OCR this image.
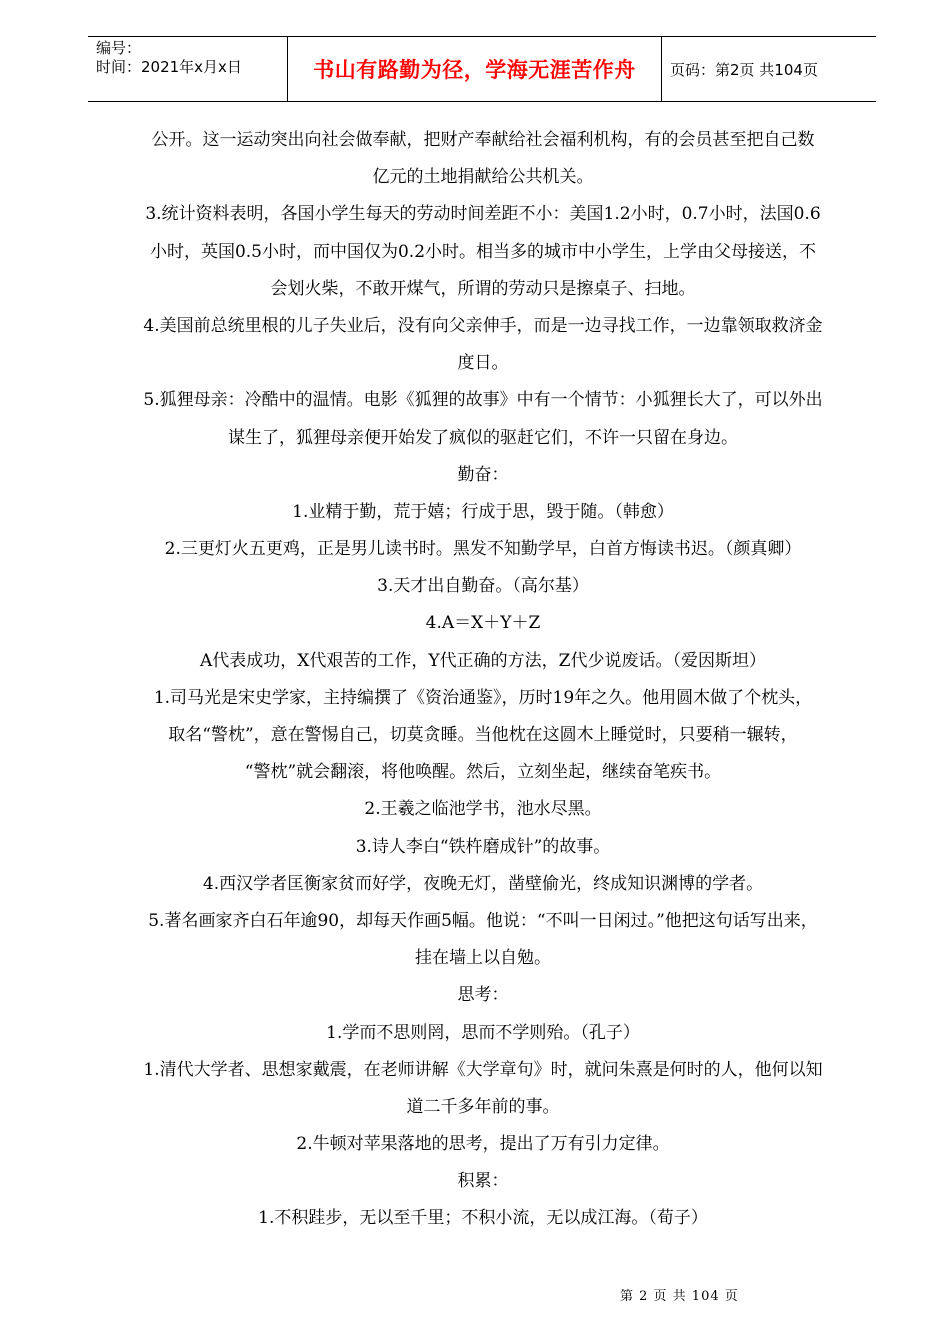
编号：
时间：2021年x月x日	书山有路勤为径，学海无涯苦作舟	页码：第2页 共104页
公开。这一运动突出向社会做奉献，把财产奉献给社会福利机构，有的会员甚至把自己数
亿元的土地捐献给公共机关。
3.统计资料表明，各国小学生每天的劳动时间差距不小：美国1.2小时，0.7小时，法国0.6
小时，英国0.5小时，而中国仅为0.2小时。相当多的城市中小学生，上学由父母接送，不
会划火柴，不敢开煤气，所谓的劳动只是擦桌子、扫地。
4.美国前总统里根的儿子失业后，没有向父亲伸手，而是一边寻找工作，一边靠领取救济金
度日。
5.狐狸母亲：冷酷中的温情。电影《狐狸的故事》中有一个情节：小狐狸长大了，可以外出
谋生了，狐狸母亲便开始发了疯似的驱赶它们，不许一只留在身边。
勤奋：
1.业精于勤，荒于嬉；行成于思，毁于随。（韩愈）
2.三更灯火五更鸡，正是男儿读书时。黑发不知勤学早，白首方悔读书迟。（颜真卿）
3.天才出自勤奋。（高尔基）
4.A＝X＋Y＋Z
A代表成功，X代艰苦的工作，Y代正确的方法，Z代少说废话。（爱因斯坦）
1.司马光是宋史学家，主持编撰了《资治通鉴》，历时19年之久。他用圆木做了个枕头，
取名“警枕”，意在警惕自己，切莫贪睡。当他枕在这圆木上睡觉时，只要稍一辗转，
“警枕”就会翻滚，将他唤醒。然后，立刻坐起，继续奋笔疾书。
2.王羲之临池学书，池水尽黑。
3.诗人李白“铁杵磨成针”的故事。
4.西汉学者匡衡家贫而好学，夜晚无灯，凿壁偷光，终成知识渊博的学者。
5.著名画家齐白石年逾90，却每天作画5幅。他说：“不叫一日闲过。”他把这句话写出来，
挂在墙上以自勉。
思考：
1.学而不思则罔，思而不学则殆。（孔子）
1.清代大学者、思想家戴震，在老师讲解《大学章句》时，就问朱熹是何时的人，他何以知
道二千多年前的事。
2.牛顿对苹果落地的思考，提出了万有引力定律。
积累：
1.不积跬步，无以至千里；不积小流，无以成江海。（荀子）
第 2 页 共 104 页
